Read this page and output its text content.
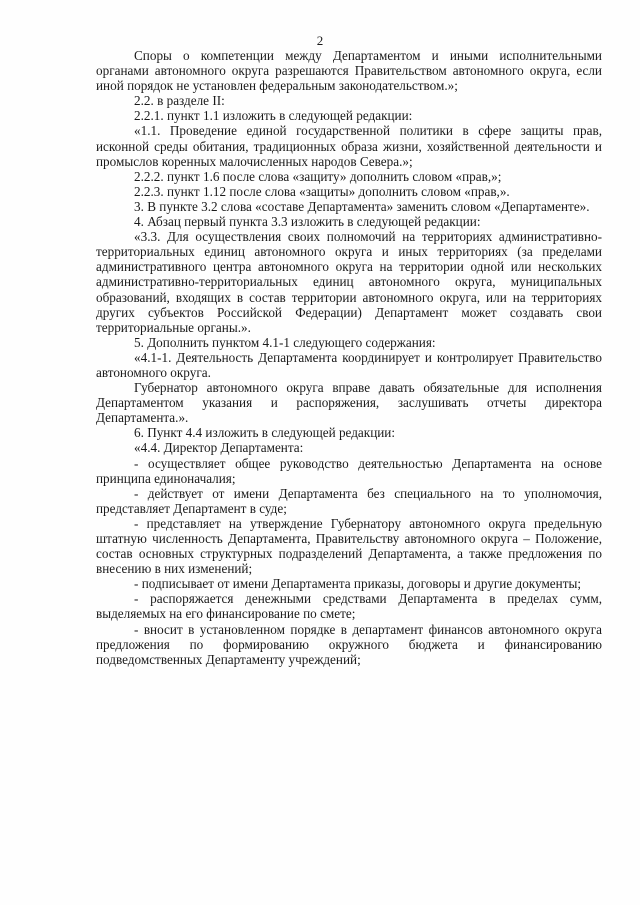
2

Споры о компетенции между Департаментом и иными исполнительными органами автономного округа разрешаются Правительством автономного округа, если иной порядок не установлен федеральным законодательством.»;

2.2. в разделе II:

2.2.1. пункт 1.1 изложить в следующей редакции:

«1.1. Проведение единой государственной политики в сфере защиты прав, исконной среды обитания, традиционных образа жизни, хозяйственной деятельности и промыслов коренных малочисленных народов Севера.»;

2.2.2. пункт 1.6 после слова «защиту» дополнить словом «прав,»;

2.2.3. пункт 1.12 после слова «защиты» дополнить словом «прав,».

3. В пункте 3.2 слова «составе Департамента» заменить словом «Департаменте».

4. Абзац первый пункта 3.3 изложить в следующей редакции:

«3.3. Для осуществления своих полномочий на территориях административно-территориальных единиц автономного округа и иных территориях (за пределами административного центра автономного округа на территории одной или нескольких административно-территориальных единиц автономного округа, муниципальных образований, входящих в состав территории автономного округа, или на территориях других субъектов Российской Федерации) Департамент может создавать свои территориальные органы.».

5. Дополнить пунктом 4.1-1 следующего содержания:

«4.1-1. Деятельность Департамента координирует и контролирует Правительство автономного округа.

Губернатор автономного округа вправе давать обязательные для исполнения Департаментом указания и распоряжения, заслушивать отчеты директора Департамента.».

6. Пункт 4.4 изложить в следующей редакции:

«4.4. Директор Департамента:

- осуществляет общее руководство деятельностью Департамента на основе принципа единоначалия;

- действует от имени Департамента без специального на то уполномочия, представляет Департамент в суде;

- представляет на утверждение Губернатору автономного округа предельную штатную численность Департамента, Правительству автономного округа – Положение, состав основных структурных подразделений Департамента, а также предложения по внесению в них изменений;

- подписывает от имени Департамента приказы, договоры и другие документы;

- распоряжается денежными средствами Департамента в пределах сумм, выделяемых на его финансирование по смете;

- вносит в установленном порядке в департамент финансов автономного округа предложения по формированию окружного бюджета и финансированию подведомственных Департаменту учреждений;
